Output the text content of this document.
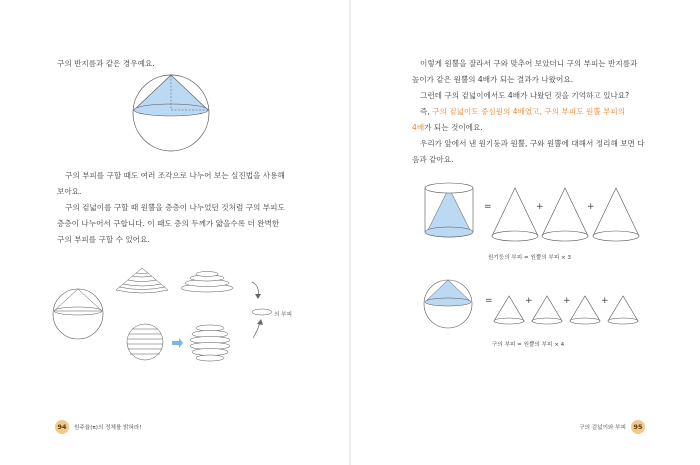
구의 반지름과 같은 경우예요.

구의 부피를 구할 때도 여러 조각으로 나누어 보는 실진법을 사용해
보아요.

구의 겉넓이를 구할 때 원뿔을 층층이 나누었던 것처럼 구의 부피도
층층이 나누어서 구합니다. 이 때도 층의 두께가 얇을수록 더 완벽한
구의 부피를 구할 수 있어요.

의 부피
94	원주율(π)의 정체를 밝혀라!

이렇게 원뿔을 잘라서 구와 맞추어 보았더니 구의 부피는 반지름과
높이가 같은 원뿔의 4배가 되는 결과가 나왔어요.

그런데 구의 겉넓이에서도 4배가 나왔던 것을 기억하고 있나요?

즉, 구의 겉넓이도 중심원의 4배였고, 구의 부피도 원뿔 부피의
4배가 되는 것이에요.

우리가 앞에서 낸 원기둥과 원뿔, 구와 원뿔에 대해서 정리해 보면 다
음과 같아요.

=	+	+
원기둥의 부피 = 원뿔의 부피 × 3
=	+	+	+
구의 부피 = 원뿔의 부피 × 4
구의 겉넓이와 부피	95
